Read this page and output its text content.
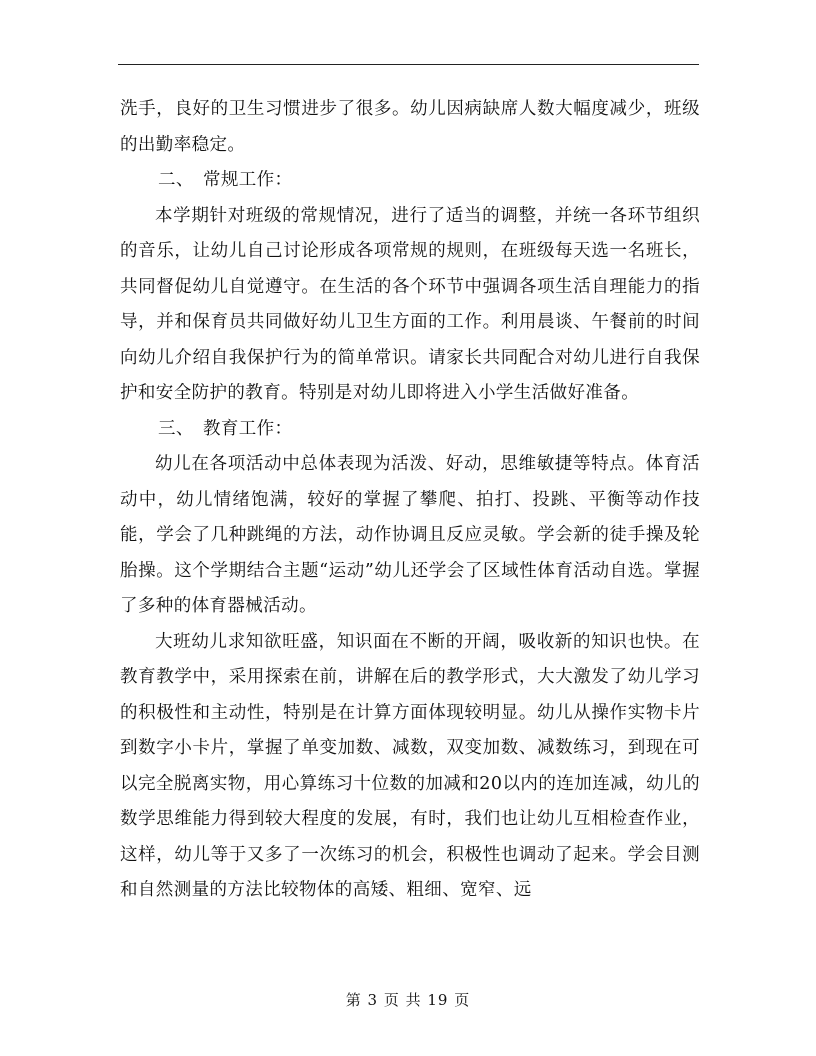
洗手，良好的卫生习惯进步了很多。幼儿因病缺席人数大幅度减少，班级的出勤率稳定。

二、　常规工作：

本学期针对班级的常规情况，进行了适当的调整，并统一各环节组织的音乐，让幼儿自己讨论形成各项常规的规则，在班级每天选一名班长，共同督促幼儿自觉遵守。在生活的各个环节中强调各项生活自理能力的指导，并和保育员共同做好幼儿卫生方面的工作。利用晨谈、午餐前的时间向幼儿介绍自我保护行为的简单常识。请家长共同配合对幼儿进行自我保护和安全防护的教育。特别是对幼儿即将进入小学生活做好准备。

三、　教育工作：

幼儿在各项活动中总体表现为活泼、好动，思维敏捷等特点。体育活动中，幼儿情绪饱满，较好的掌握了攀爬、拍打、投跳、平衡等动作技能，学会了几种跳绳的方法，动作协调且反应灵敏。学会新的徒手操及轮胎操。这个学期结合主题“运动”幼儿还学会了区域性体育活动自选。掌握了多种的体育器械活动。

大班幼儿求知欲旺盛，知识面在不断的开阔，吸收新的知识也快。在教育教学中，采用探索在前，讲解在后的教学形式，大大激发了幼儿学习的积极性和主动性，特别是在计算方面体现较明显。幼儿从操作实物卡片到数字小卡片，掌握了单变加数、减数，双变加数、减数练习，到现在可以完全脱离实物，用心算练习十位数的加减和20以内的连加连减，幼儿的数学思维能力得到较大程度的发展，有时，我们也让幼儿互相检查作业，这样，幼儿等于又多了一次练习的机会，积极性也调动了起来。学会目测和自然测量的方法比较物体的高矮、粗细、宽窄、远

第 3 页 共 19 页
